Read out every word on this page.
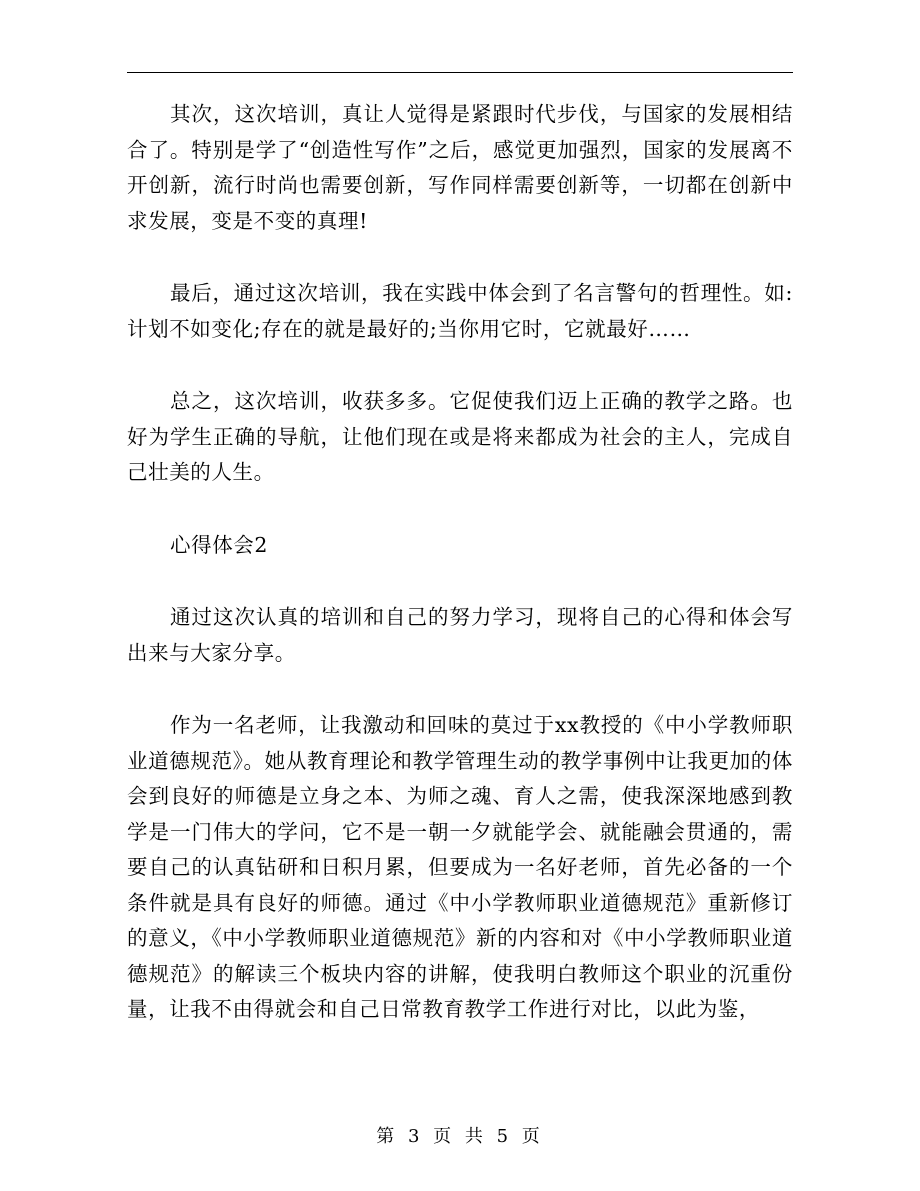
其次，这次培训，真让人觉得是紧跟时代步伐，与国家的发展相结合了。特别是学了“创造性写作”之后，感觉更加强烈，国家的发展离不开创新，流行时尚也需要创新，写作同样需要创新等，一切都在创新中求发展，变是不变的真理!

最后，通过这次培训，我在实践中体会到了名言警句的哲理性。如:计划不如变化;存在的就是最好的;当你用它时，它就最好……

总之，这次培训，收获多多。它促使我们迈上正确的教学之路。也好为学生正确的导航，让他们现在或是将来都成为社会的主人，完成自己壮美的人生。

心得体会2

通过这次认真的培训和自己的努力学习，现将自己的心得和体会写出来与大家分享。

作为一名老师，让我激动和回味的莫过于xx教授的《中小学教师职业道德规范》。她从教育理论和教学管理生动的教学事例中让我更加的体会到良好的师德是立身之本、为师之魂、育人之需，使我深深地感到教学是一门伟大的学问，它不是一朝一夕就能学会、就能融会贯通的，需要自己的认真钻研和日积月累，但要成为一名好老师，首先必备的一个条件就是具有良好的师德。通过《中小学教师职业道德规范》重新修订的意义，《中小学教师职业道德规范》新的内容和对《中小学教师职业道德规范》的解读三个板块内容的讲解，使我明白教师这个职业的沉重份量，让我不由得就会和自己日常教育教学工作进行对比，以此为鉴，

第 3 页 共 5 页
